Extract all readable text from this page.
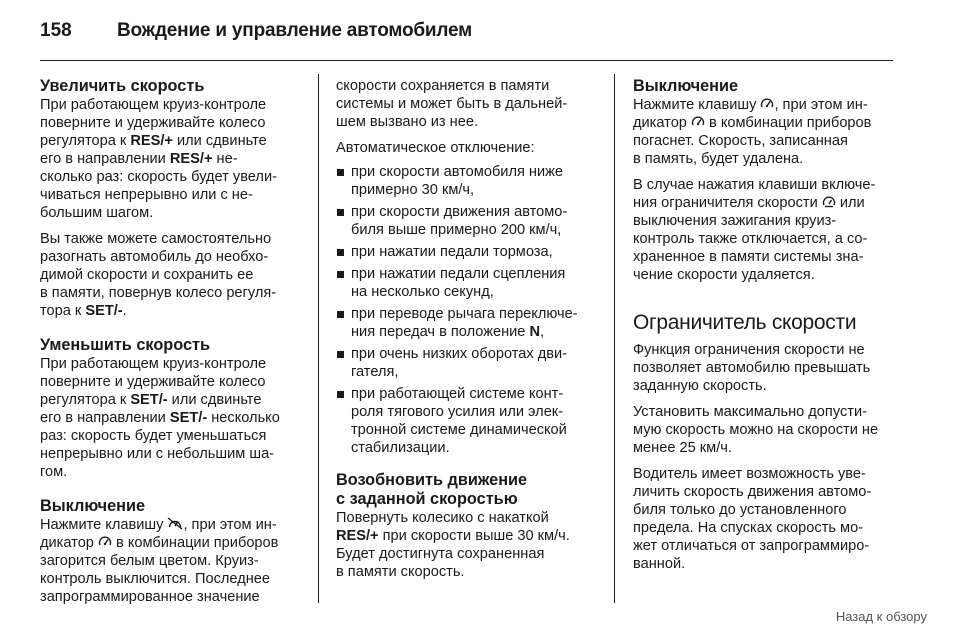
158 Вождение и управление автомобилем
Увеличить скорость
При работающем круиз-контроле
поверните и удерживайте колесо
регулятора к RES/+ или сдвиньте
его в направлении RES/+ не-
сколько раз: скорость будет увели-
чиваться непрерывно или с не-
большим шагом.
Вы также можете самостоятельно
разогнать автомобиль до необхо-
димой скорости и сохранить ее
в памяти, повернув колесо регуля-
тора к SET/-.
Уменьшить скорость
При работающем круиз-контроле
поверните и удерживайте колесо
регулятора к SET/- или сдвиньте
его в направлении SET/- несколько
раз: скорость будет уменьшаться
непрерывно или с небольшим ша-
гом.
Выключение
Нажмите клавишу
, при этом ин-
дикатор
в комбинации приборов
загорится белым цветом. Круиз-
контроль выключится. Последнее
запрограммированное значение
скорости сохраняется в памяти
системы и может быть в дальней-
шем вызвано из нее.
Автоматическое отключение:
при скорости автомобиля ниже
примерно 30 км/ч,
при скорости движения автомо-
биля выше примерно 200 км/ч,
при нажатии педали тормоза,
при нажатии педали сцепления
на несколько секунд,
при переводе рычага переключе-
ния передач в положение N,
при очень низких оборотах дви-
гателя,
при работающей системе конт-
роля тягового усилия или элек-
тронной системе динамической
стабилизации.
Возобновить движение
с заданной скоростью
Повернуть колесико с накаткой
RES/+ при скорости выше 30 км/ч.
Будет достигнута сохраненная
в памяти скорость.
Выключение
Нажмите клавишу
, при этом ин-
дикатор
в комбинации приборов
погаснет. Скорость, записанная
в память, будет удалена.
В случае нажатия клавиши включе-
ния ограничителя скорости
или
выключения зажигания круиз-
контроль также отключается, а со-
храненное в памяти системы зна-
чение скорости удаляется.
Ограничитель скорости
Функция ограничения скорости не
позволяет автомобилю превышать
заданную скорость.
Установить максимально допусти-
мую скорость можно на скорости не
менее 25 км/ч.
Водитель имеет возможность уве-
личить скорость движения автомо-
биля только до установленного
предела. На спусках скорость мо-
жет отличаться от запрограммиро-
ванной.
Назад к обзору
